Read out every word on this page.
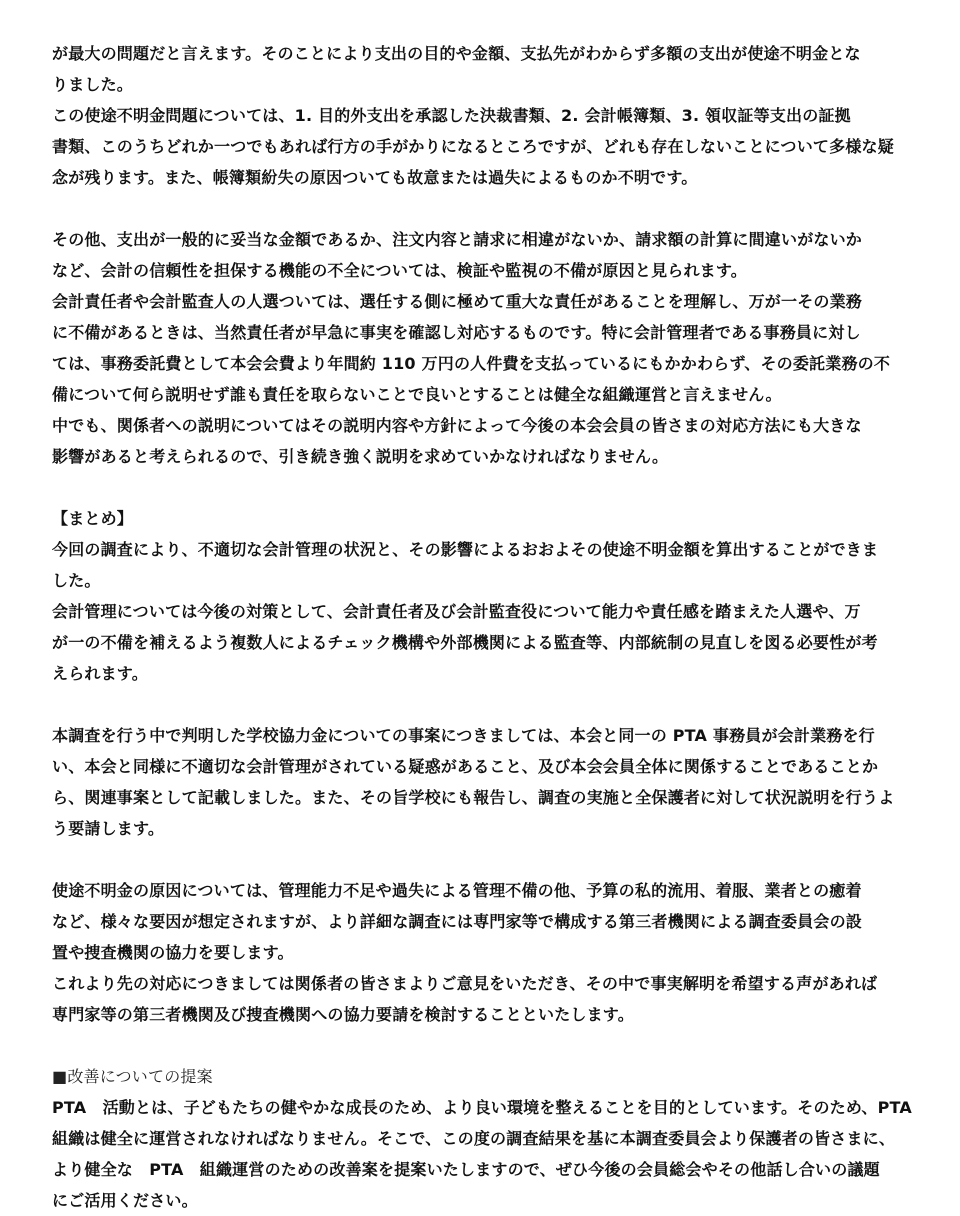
が最大の問題だと言えます。そのことにより支出の目的や金額、支払先がわからず多額の支出が使途不明金とな
りました。
この使途不明金問題については、1. 目的外支出を承認した決裁書類、2. 会計帳簿類、3. 領収証等支出の証拠
書類、このうちどれか一つでもあれば行方の手がかりになるところですが、どれも存在しないことについて多様な疑
念が残ります。また、帳簿類紛失の原因ついても故意または過失によるものか不明です。
その他、支出が一般的に妥当な金額であるか、注文内容と請求に相違がないか、請求額の計算に間違いがないか
など、会計の信頼性を担保する機能の不全については、検証や監視の不備が原因と見られます。
会計責任者や会計監査人の人選ついては、選任する側に極めて重大な責任があることを理解し、万が一その業務
に不備があるときは、当然責任者が早急に事実を確認し対応するものです。特に会計管理者である事務員に対し
ては、事務委託費として本会会費より年間約 110 万円の人件費を支払っているにもかかわらず、その委託業務の不
備について何ら説明せず誰も責任を取らないことで良いとすることは健全な組織運営と言えません。
中でも、関係者への説明についてはその説明内容や方針によって今後の本会会員の皆さまの対応方法にも大きな
影響があると考えられるので、引き続き強く説明を求めていかなければなりません。
【まとめ】
今回の調査により、不適切な会計管理の状況と、その影響によるおおよその使途不明金額を算出することができま
した。
会計管理については今後の対策として、会計責任者及び会計監査役について能力や責任感を踏まえた人選や、万
が一の不備を補えるよう複数人によるチェック機構や外部機関による監査等、内部統制の見直しを図る必要性が考
えられます。
本調査を行う中で判明した学校協力金についての事案につきましては、本会と同一の PTA 事務員が会計業務を行
い、本会と同様に不適切な会計管理がされている疑惑があること、及び本会会員全体に関係することであることか
ら、関連事案として記載しました。また、その旨学校にも報告し、調査の実施と全保護者に対して状況説明を行うよ
う要請します。
使途不明金の原因については、管理能力不足や過失による管理不備の他、予算の私的流用、着服、業者との癒着
など、様々な要因が想定されますが、より詳細な調査には専門家等で構成する第三者機関による調査委員会の設
置や捜査機関の協力を要します。
これより先の対応につきましては関係者の皆さまよりご意見をいただき、その中で事実解明を希望する声があれば
専門家等の第三者機関及び捜査機関への協力要請を検討することといたします。
■改善についての提案
PTA　活動とは、子どもたちの健やかな成長のため、より良い環境を整えることを目的としています。そのため、PTA
組織は健全に運営されなければなりません。そこで、この度の調査結果を基に本調査委員会より保護者の皆さまに、
より健全な　PTA　組織運営のための改善案を提案いたしますので、ぜひ今後の会員総会やその他話し合いの議題
にご活用ください。
